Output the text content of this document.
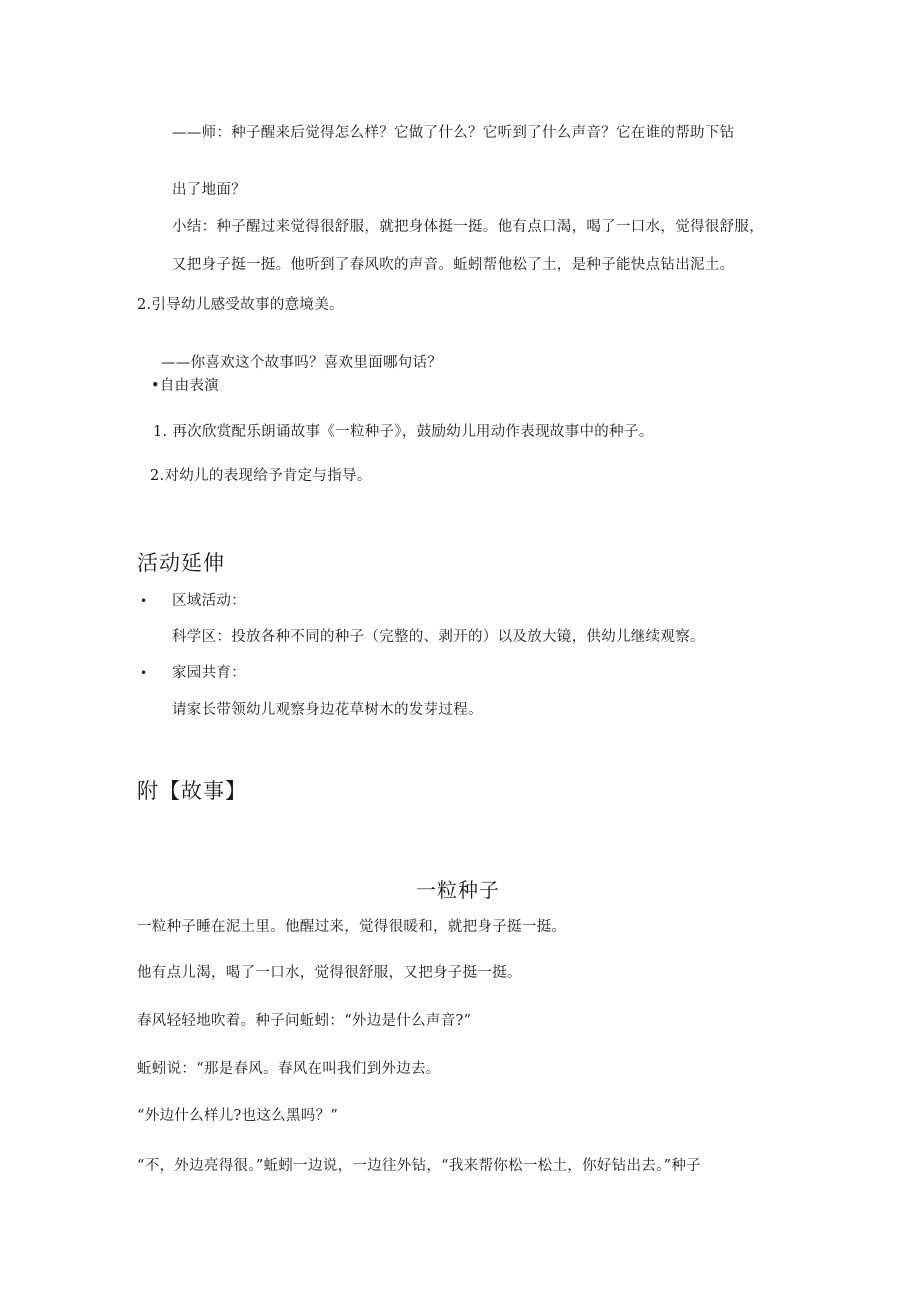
——师：种子醒来后觉得怎么样？它做了什么？它听到了什么声音？它在谁的帮助下钻
出了地面？
小结：种子醒过来觉得很舒服，就把身体挺一挺。他有点口渴，喝了一口水，觉得很舒服，
又把身子挺一挺。他听到了春风吹的声音。蚯蚓帮他松了土，是种子能快点钻出泥土。
2.引导幼儿感受故事的意境美。
——你喜欢这个故事吗？喜欢里面哪句话？
•自由表演
1. 再次欣赏配乐朗诵故事《一粒种子》，鼓励幼儿用动作表现故事中的种子。
2.对幼儿的表现给予肯定与指导。
活动延伸
• 区域活动：
科学区：投放各种不同的种子（完整的、剥开的）以及放大镜，供幼儿继续观察。
• 家园共育：
请家长带领幼儿观察身边花草树木的发芽过程。
附【故事】
一粒种子
一粒种子睡在泥土里。他醒过来，觉得很暖和，就把身子挺一挺。
他有点儿渴，喝了一口水，觉得很舒服，又把身子挺一挺。
春风轻轻地吹着。种子问蚯蚓：“外边是什么声音?”
蚯蚓说：“那是春风。春风在叫我们到外边去。
“外边什么样儿?也这么黑吗？”
“不，外边亮得很。”蚯蚓一边说，一边往外钻，“我来帮你松一松土，你好钻出去。”种子
